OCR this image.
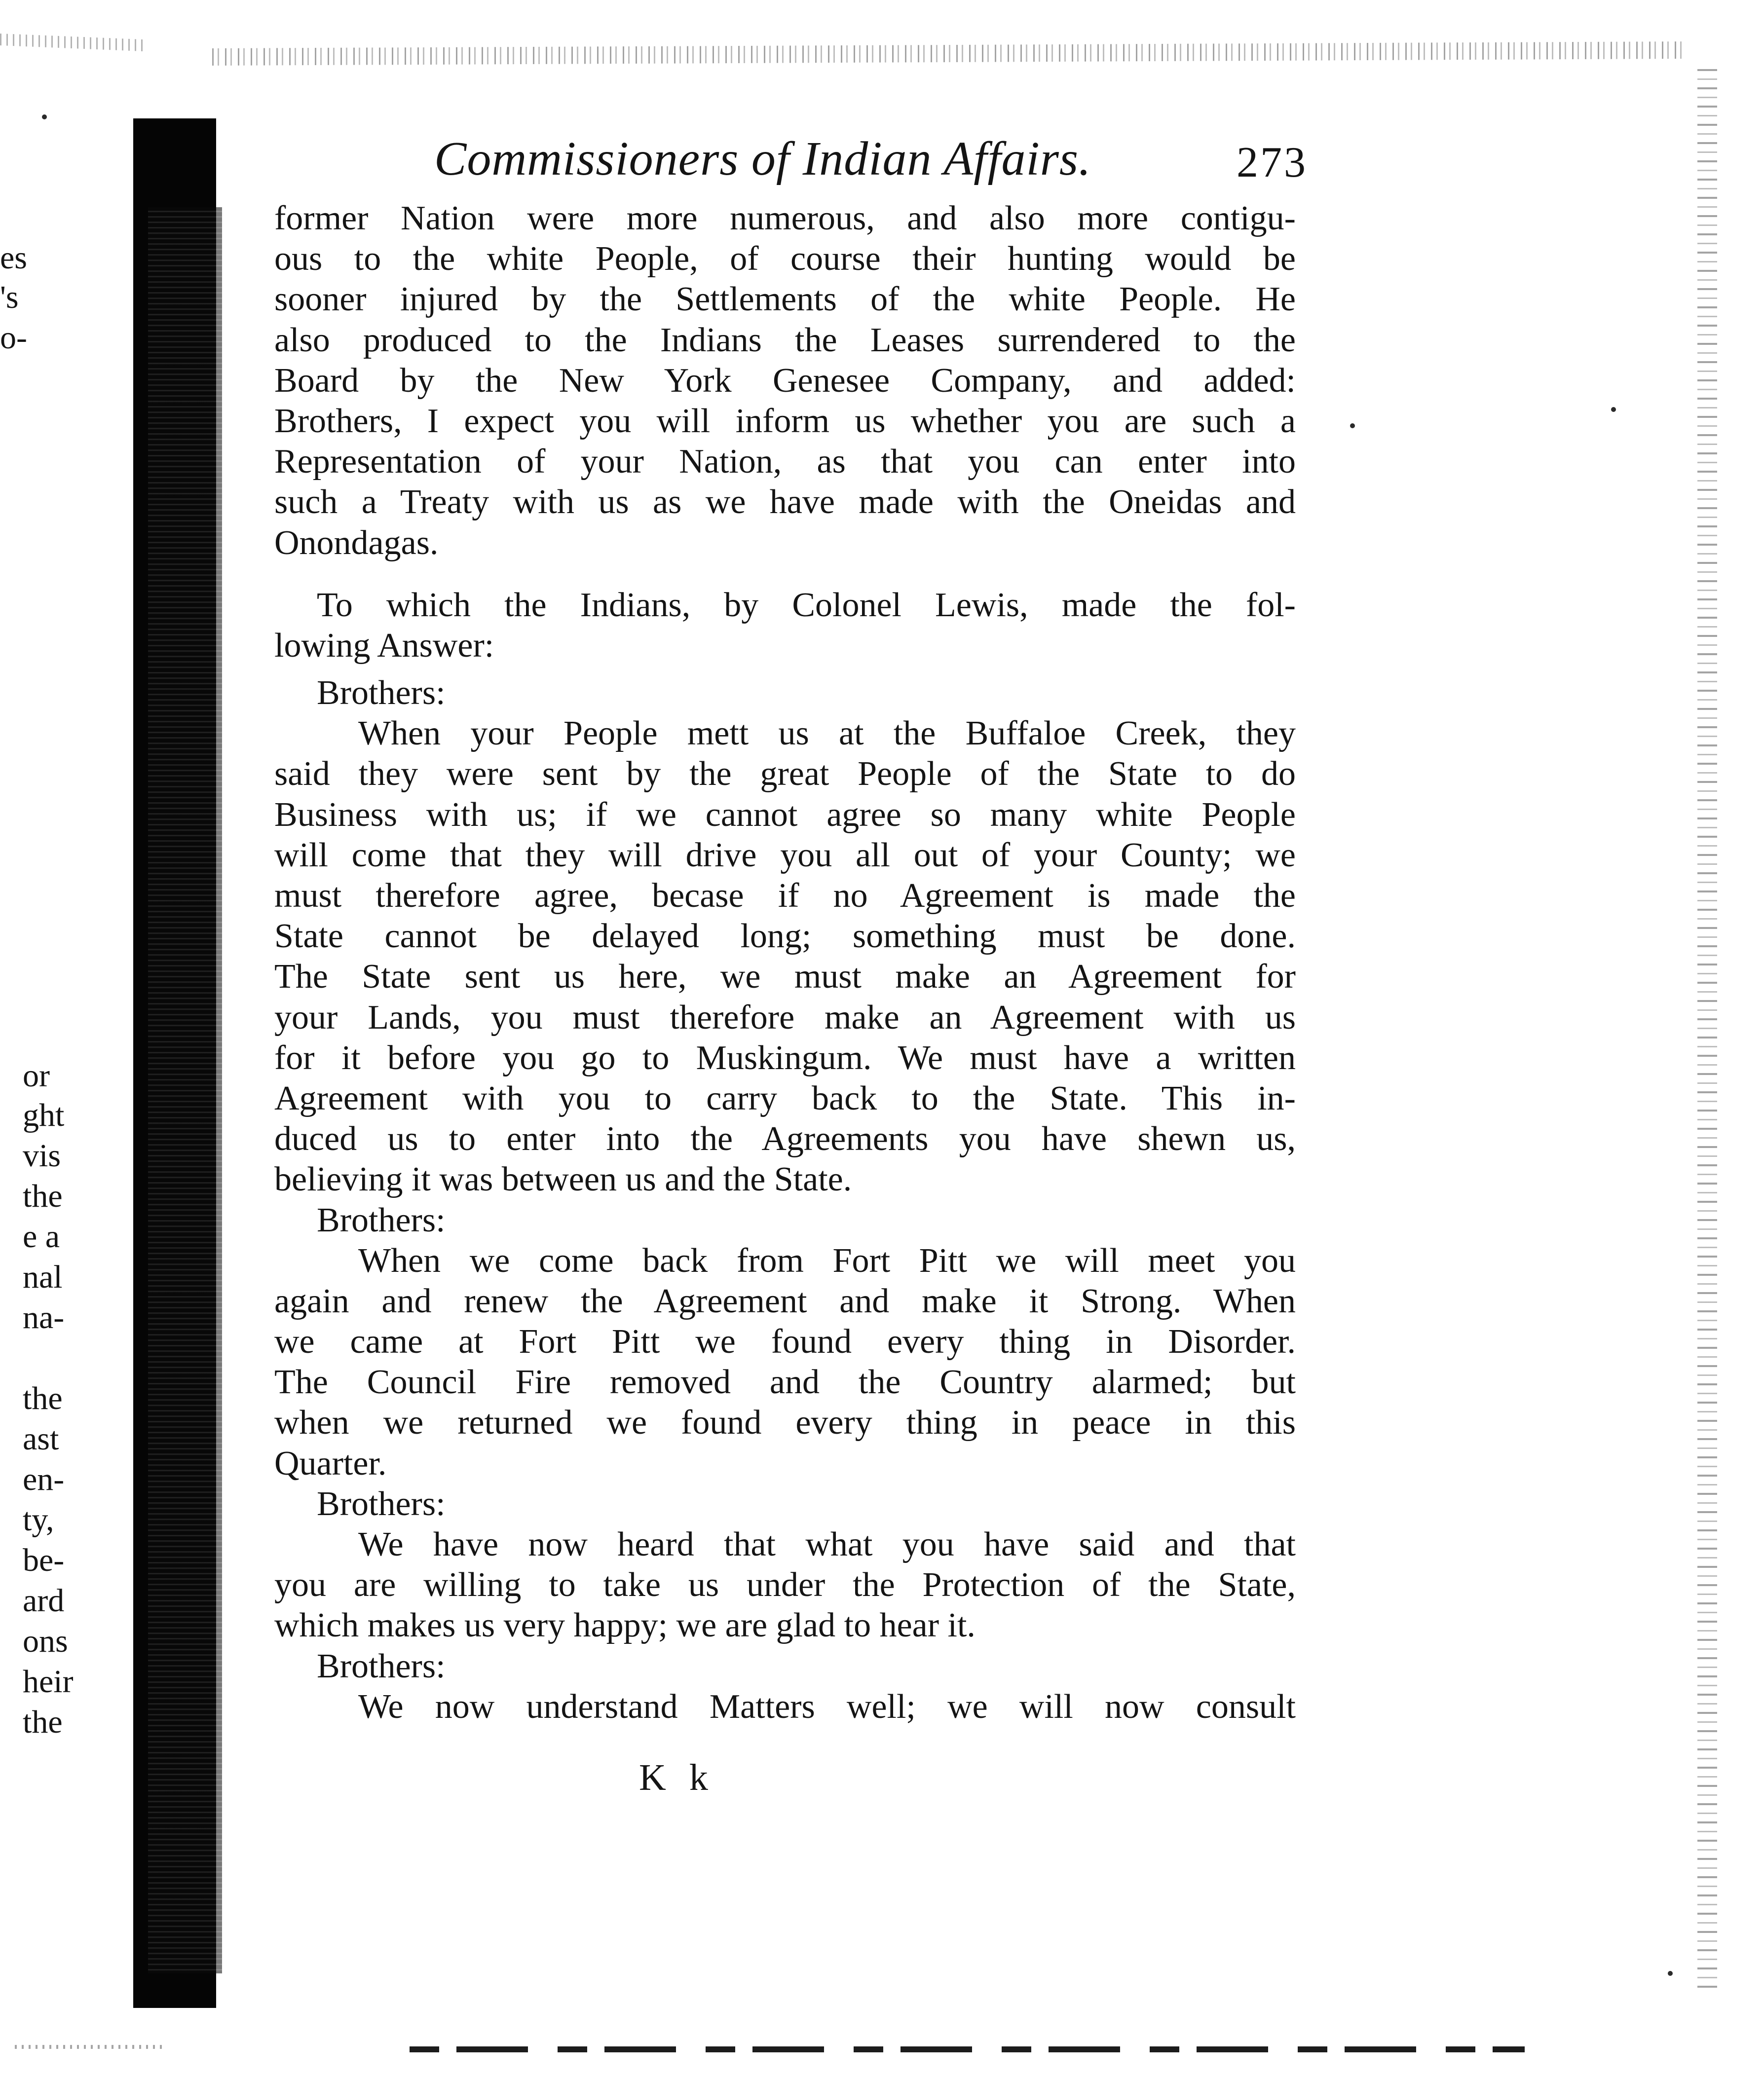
es
's
o-
or
ght
vis
the
e a
nal
na-
the
ast
en-
ty,
be-
ard
ons
heir
the
Commissioners of Indian Affairs.	273
former Nation were more numerous, and also more contigu-
ous to the white People, of course their hunting would be
sooner injured by the Settlements of the white People. He
also produced to the Indians the Leases surrendered to the
Board by the New York Genesee Company, and added:
Brothers, I expect you will inform us whether you are such a
Representation of your Nation, as that you can enter into
such a Treaty with us as we have made with the Oneidas and
Onondagas.
To which the Indians, by Colonel Lewis, made the fol-
lowing Answer:
Brothers:
When your People mett us at the Buffaloe Creek, they
said they were sent by the great People of the State to do
Business with us; if we cannot agree so many white People
will come that they will drive you all out of your County; we
must therefore agree, becase if no Agreement is made the
State cannot be delayed long; something must be done.
The State sent us here, we must make an Agreement for
your Lands, you must therefore make an Agreement with us
for it before you go to Muskingum. We must have a written
Agreement with you to carry back to the State. This in-
duced us to enter into the Agreements you have shewn us,
believing it was between us and the State.
Brothers:
When we come back from Fort Pitt we will meet you
again and renew the Agreement and make it Strong. When
we came at Fort Pitt we found every thing in Disorder.
The Council Fire removed and the Country alarmed; but
when we returned we found every thing in peace in this
Quarter.
Brothers:
We have now heard that what you have said and that
you are willing to take us under the Protection of the State,
which makes us very happy; we are glad to hear it.
Brothers:
We now understand Matters well; we will now consult
K k
